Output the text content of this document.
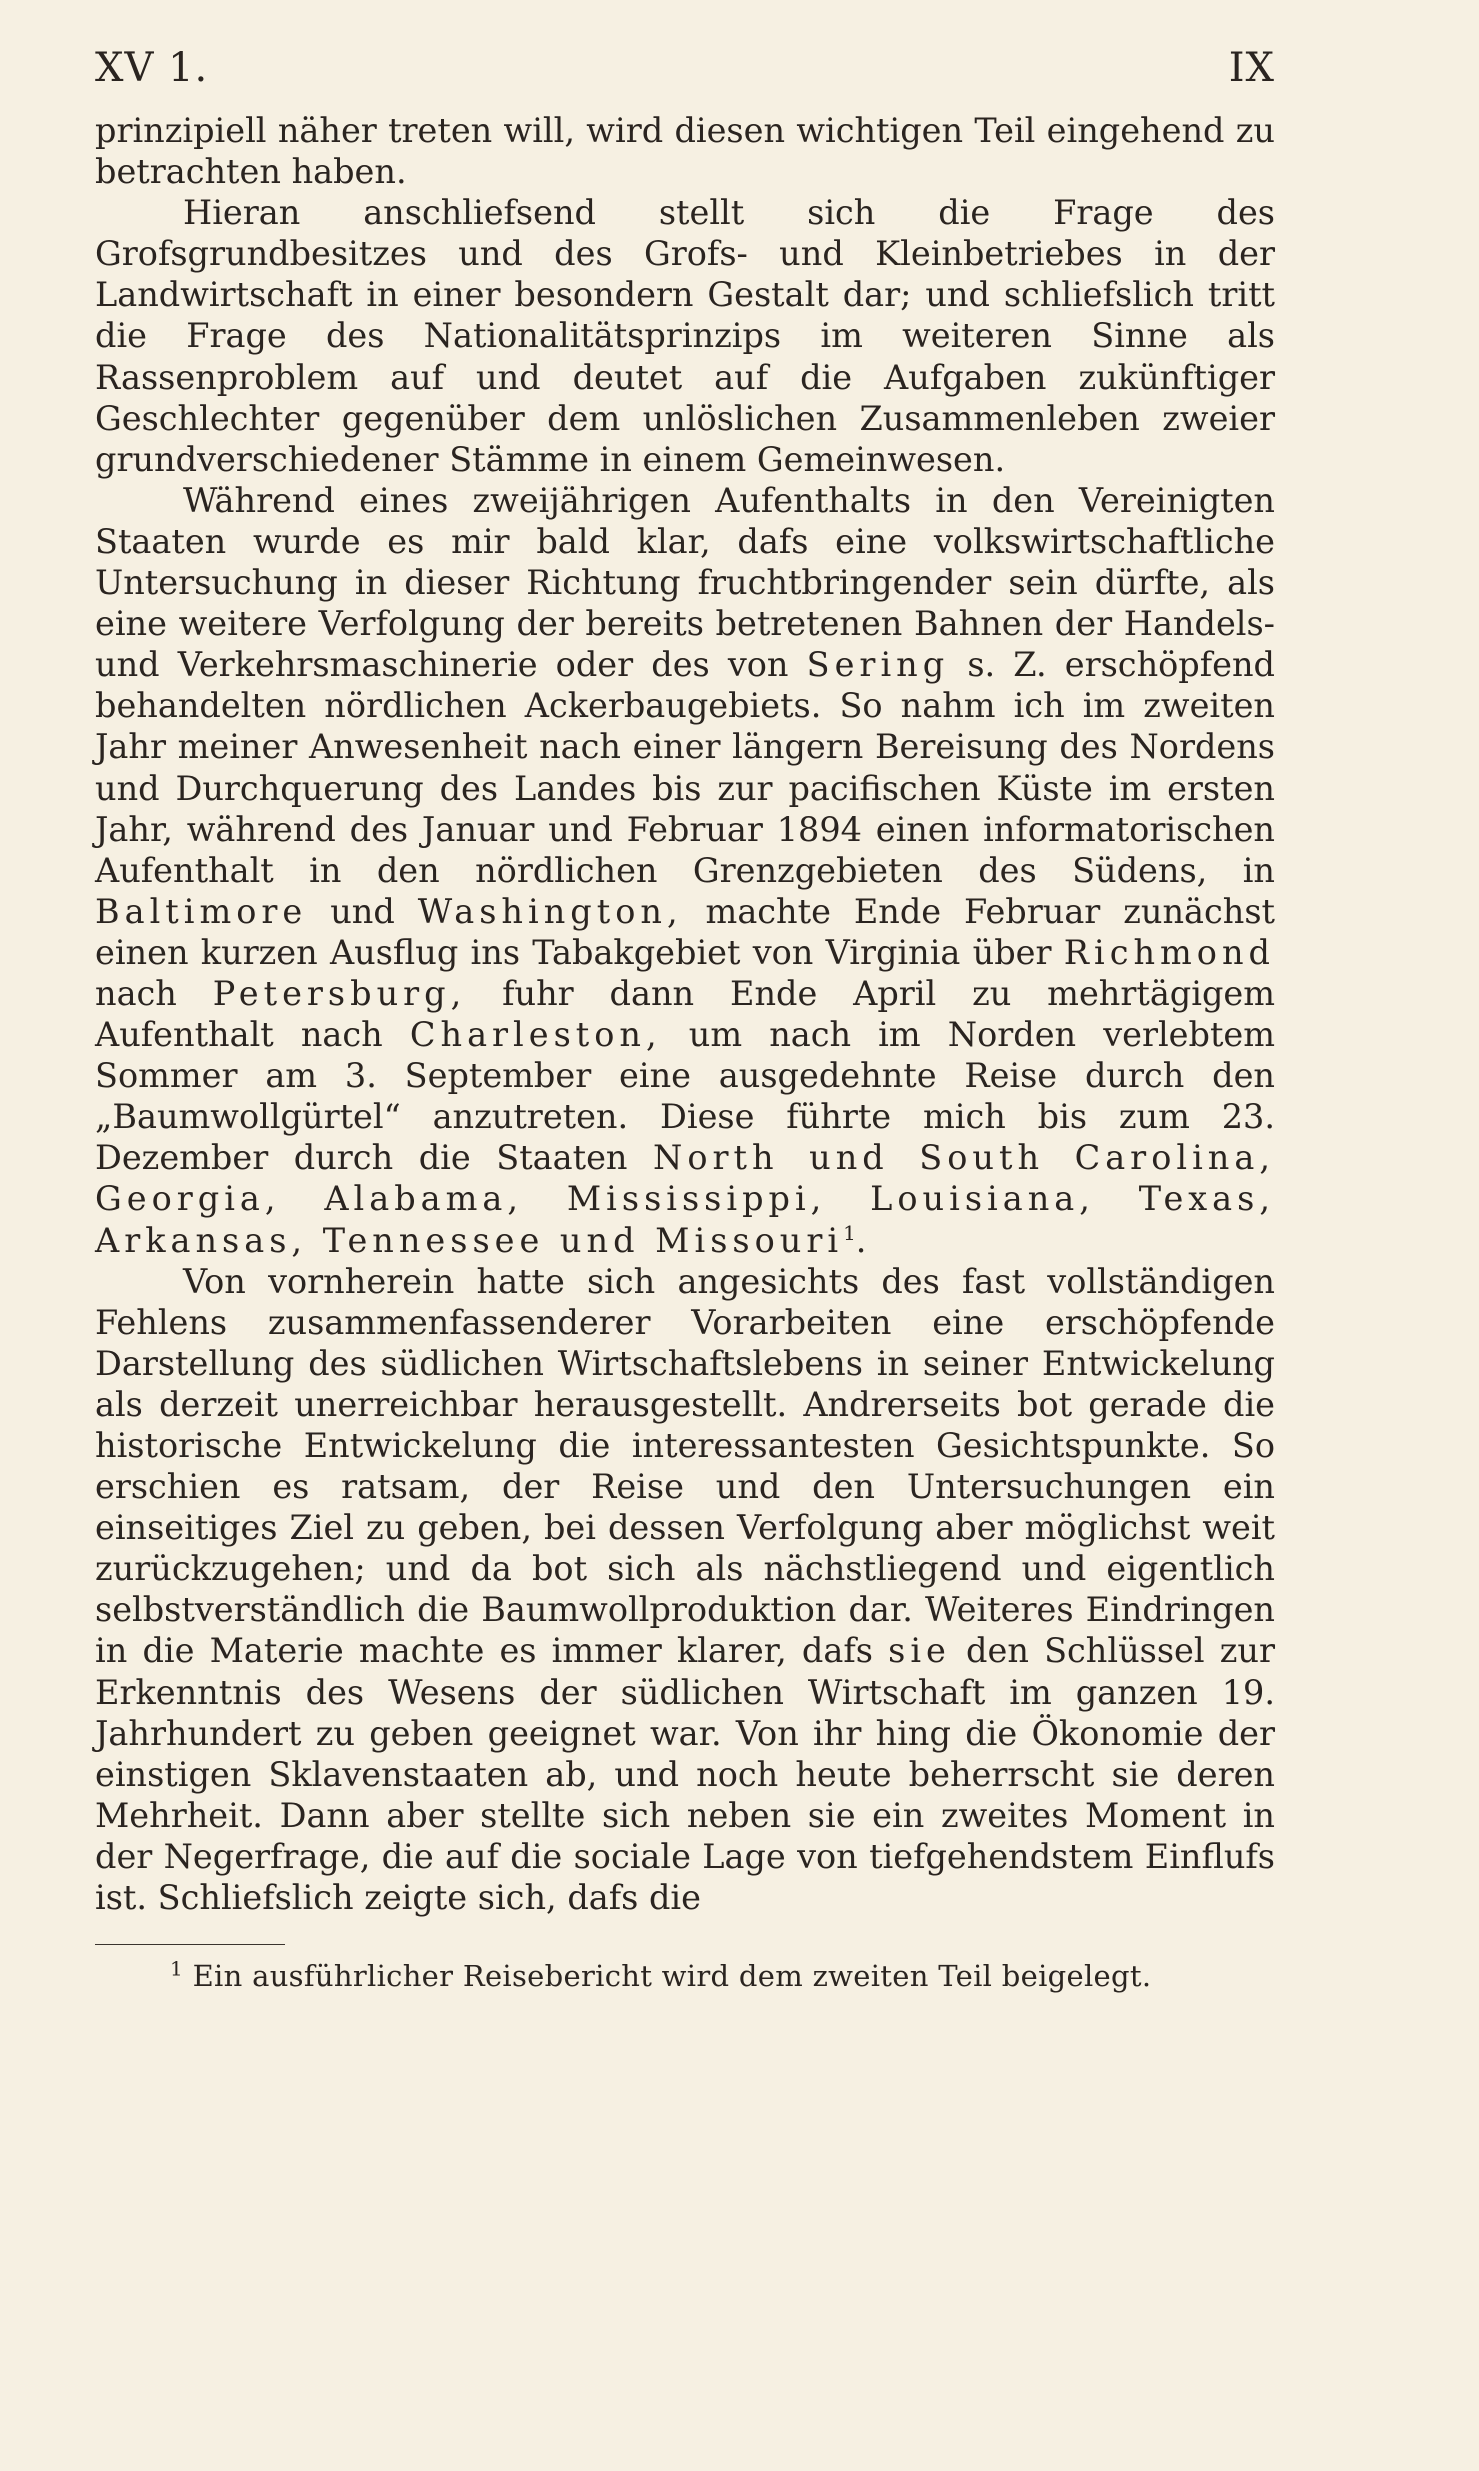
XV 1.	IX

prinzipiell näher treten will, wird diesen wichtigen Teil eingehend zu betrachten haben.

Hieran anschliefsend stellt sich die Frage des Grofsgrundbesitzes und des Grofs- und Kleinbetriebes in der Landwirtschaft in einer besondern Gestalt dar; und schliefslich tritt die Frage des Nationalitätsprinzips im weiteren Sinne als Rassenproblem auf und deutet auf die Aufgaben zukünftiger Geschlechter gegenüber dem unlöslichen Zusammenleben zweier grundverschiedener Stämme in einem Gemeinwesen.

Während eines zweijährigen Aufenthalts in den Vereinigten Staaten wurde es mir bald klar, dafs eine volkswirtschaftliche Untersuchung in dieser Richtung fruchtbringender sein dürfte, als eine weitere Verfolgung der bereits betretenen Bahnen der Handels- und Verkehrsmaschinerie oder des von Sering s. Z. erschöpfend behandelten nördlichen Ackerbaugebiets. So nahm ich im zweiten Jahr meiner Anwesenheit nach einer längern Bereisung des Nordens und Durchquerung des Landes bis zur pacifischen Küste im ersten Jahr, während des Januar und Februar 1894 einen informatorischen Aufenthalt in den nördlichen Grenzgebieten des Südens, in Baltimore und Washington, machte Ende Februar zunächst einen kurzen Ausflug ins Tabakgebiet von Virginia über Richmond nach Petersburg, fuhr dann Ende April zu mehrtägigem Aufenthalt nach Charleston, um nach im Norden verlebtem Sommer am 3. September eine ausgedehnte Reise durch den „Baumwollgürtel“ anzutreten. Diese führte mich bis zum 23. Dezember durch die Staaten North und South Carolina, Georgia, Alabama, Mississippi, Louisiana, Texas, Arkansas, Tennessee und Missouri$^1$.

Von vornherein hatte sich angesichts des fast vollständigen Fehlens zusammenfassenderer Vorarbeiten eine erschöpfende Darstellung des südlichen Wirtschaftslebens in seiner Entwickelung als derzeit unerreichbar herausgestellt. Andrerseits bot gerade die historische Entwickelung die interessantesten Gesichtspunkte. So erschien es ratsam, der Reise und den Untersuchungen ein einseitiges Ziel zu geben, bei dessen Verfolgung aber möglichst weit zurückzugehen; und da bot sich als nächstliegend und eigentlich selbstverständlich die Baumwollproduktion dar. Weiteres Eindringen in die Materie machte es immer klarer, dafs sie den Schlüssel zur Erkenntnis des Wesens der südlichen Wirtschaft im ganzen 19. Jahrhundert zu geben geeignet war. Von ihr hing die Ökonomie der einstigen Sklavenstaaten ab, und noch heute beherrscht sie deren Mehrheit. Dann aber stellte sich neben sie ein zweites Moment in der Negerfrage, die auf die sociale Lage von tiefgehendstem Einflufs ist. Schliefslich zeigte sich, dafs die

$^1$ Ein ausführlicher Reisebericht wird dem zweiten Teil beigelegt.
